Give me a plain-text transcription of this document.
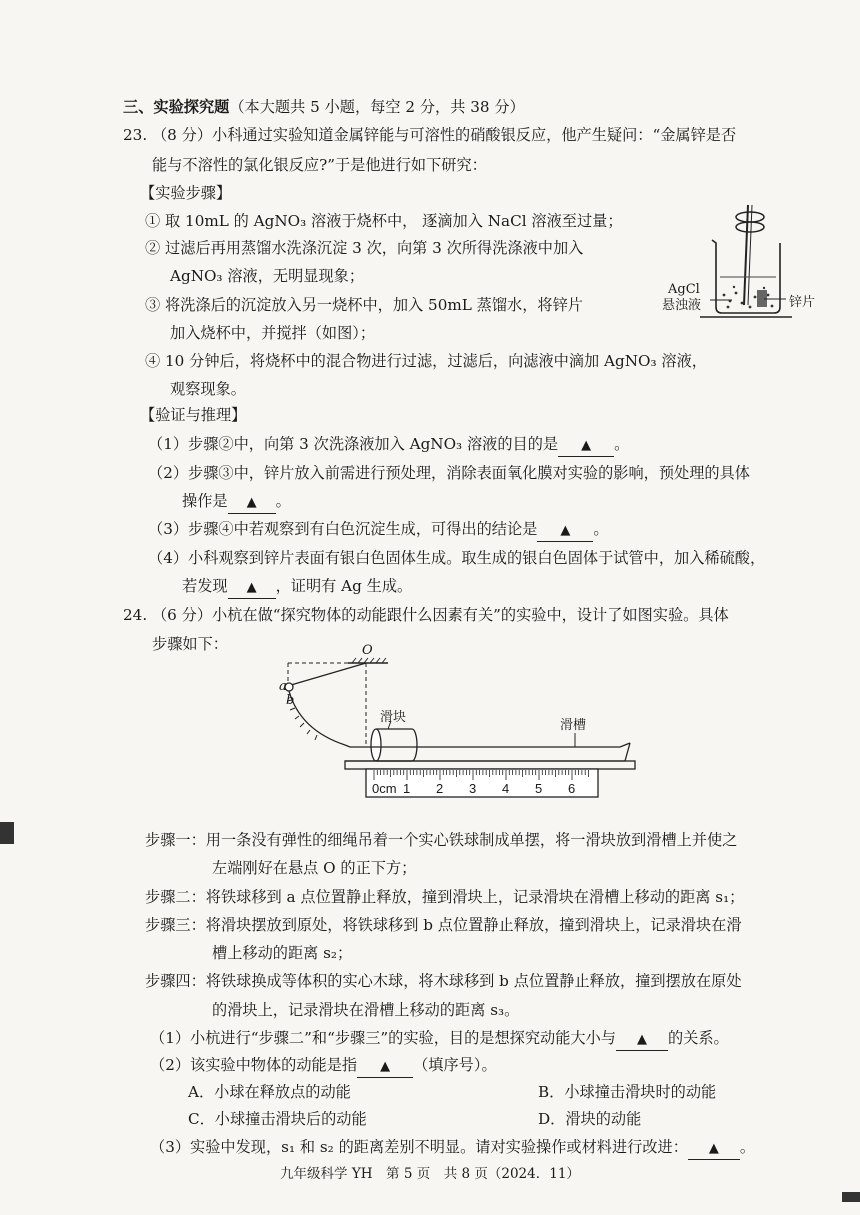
三、实验探究题（本大题共 5 小题，每空 2 分，共 38 分）
23. （8 分）小科通过实验知道金属锌能与可溶性的硝酸银反应，他产生疑问：“金属锌是否
能与不溶性的氯化银反应?”于是他进行如下研究：
【实验步骤】
① 取 10mL 的 AgNO₃ 溶液于烧杯中， 逐滴加入 NaCl 溶液至过量；
② 过滤后再用蒸馏水洗涤沉淀 3 次，向第 3 次所得洗涤液中加入
AgNO₃ 溶液，无明显现象；
③ 将洗涤后的沉淀放入另一烧杯中，加入 50mL 蒸馏水，将锌片
加入烧杯中，并搅拌（如图）；
④ 10 分钟后，将烧杯中的混合物进行过滤，过滤后，向滤液中滴加 AgNO₃ 溶液，
观察现象。
AgCl
悬浊液	锌片
【验证与推理】
（1）步骤②中，向第 3 次洗涤液加入 AgNO₃ 溶液的目的是 ▲ 。
（2）步骤③中，锌片放入前需进行预处理，消除表面氧化膜对实验的影响，预处理的具体
操作是 ▲ 。
（3）步骤④中若观察到有白色沉淀生成，可得出的结论是 ▲ 。
（4）小科观察到锌片表面有银白色固体生成。取生成的银白色固体于试管中，加入稀硫酸，
若发现 ▲ ，证明有 Ag 生成。
24. （6 分）小杭在做“探究物体的动能跟什么因素有关”的实验中，设计了如图实验。具体
步骤如下：	O
a
b
滑块
滑槽
0cm 1 2 3 4 5 6
步骤一：用一条没有弹性的细绳吊着一个实心铁球制成单摆，将一滑块放到滑槽上并使之
左端刚好在悬点 O 的正下方；
步骤二：将铁球移到 a 点位置静止释放，撞到滑块上，记录滑块在滑槽上移动的距离 s₁；
步骤三：将滑块摆放到原处，将铁球移到 b 点位置静止释放，撞到滑块上，记录滑块在滑
槽上移动的距离 s₂；
步骤四：将铁球换成等体积的实心木球，将木球移到 b 点位置静止释放，撞到摆放在原处
的滑块上，记录滑块在滑槽上移动的距离 s₃。
（1）小杭进行“步骤二”和“步骤三”的实验，目的是想探究动能大小与 ▲ 的关系。
（2）该实验中物体的动能是指 ▲ （填序号）。
A．小球在释放点的动能	B．小球撞击滑块时的动能
C．小球撞击滑块后的动能	D．滑块的动能
（3）实验中发现，s₁ 和 s₂ 的距离差别不明显。请对实验操作或材料进行改进： ▲ 。
九年级科学 YH　第 5 页　共 8 页（2024．11）
